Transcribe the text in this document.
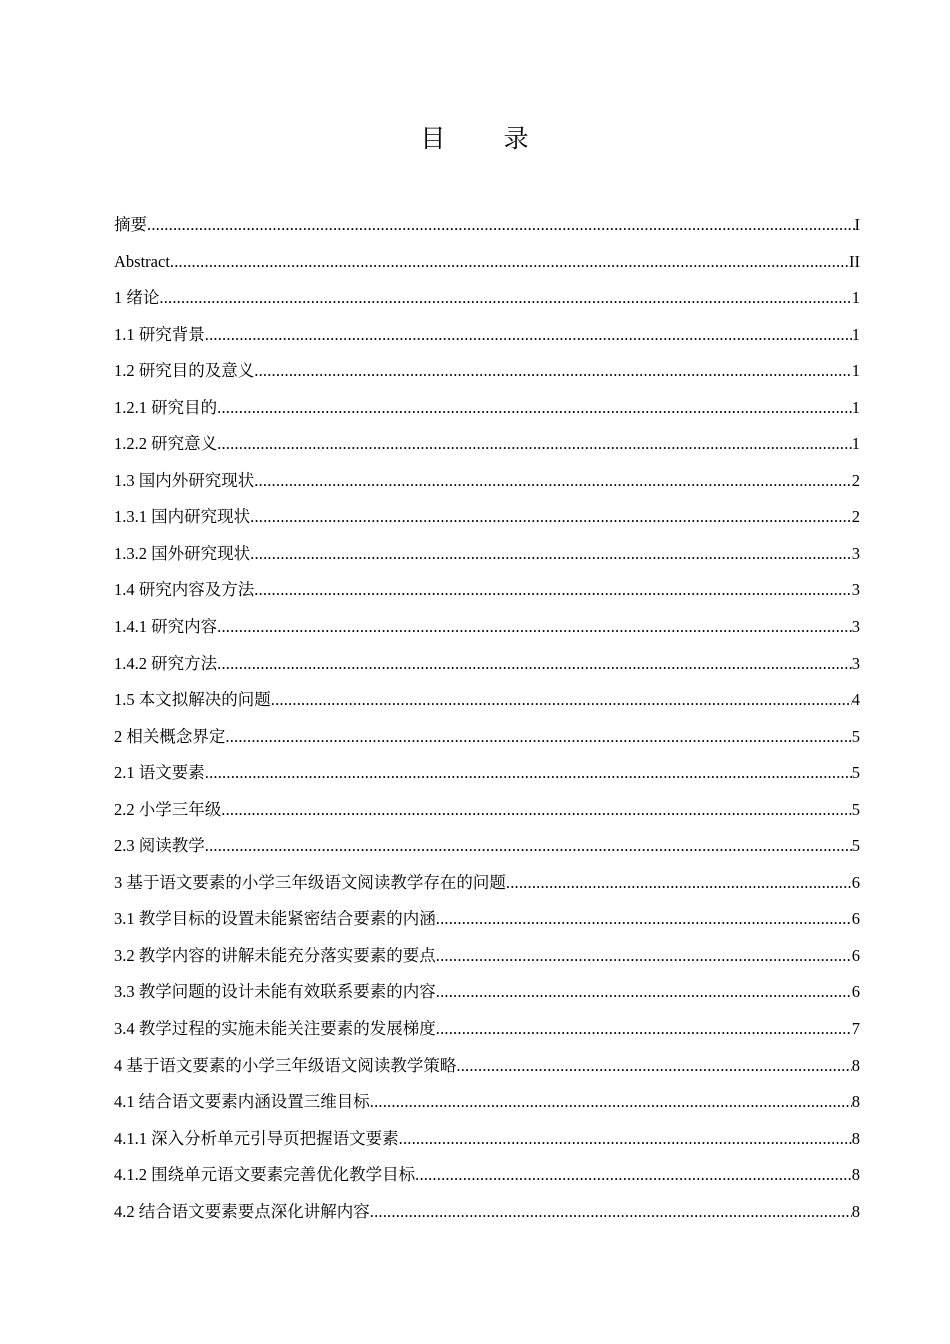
目 录
摘要 .....	I
Abstract .....	II
1 绪论 .....	1
1.1 研究背景 .....	1
1.2 研究目的及意义 .....	1
1.2.1 研究目的 .....	1
1.2.2 研究意义 .....	1
1.3 国内外研究现状 .....	2
1.3.1 国内研究现状 .....	2
1.3.2 国外研究现状 .....	3
1.4 研究内容及方法 .....	3
1.4.1 研究内容 .....	3
1.4.2 研究方法 .....	3
1.5 本文拟解决的问题 .....	4
2 相关概念界定 .....	5
2.1 语文要素 .....	5
2.2 小学三年级 .....	5
2.3 阅读教学 .....	5
3 基于语文要素的小学三年级语文阅读教学存在的问题 .....	6
3.1 教学目标的设置未能紧密结合要素的内涵 .....	6
3.2 教学内容的讲解未能充分落实要素的要点 .....	6
3.3 教学问题的设计未能有效联系要素的内容 .....	6
3.4 教学过程的实施未能关注要素的发展梯度 .....	7
4 基于语文要素的小学三年级语文阅读教学策略 .....	8
4.1 结合语文要素内涵设置三维目标 .....	8
4.1.1 深入分析单元引导页把握语文要素 .....	8
4.1.2 围绕单元语文要素完善优化教学目标 .....	8
4.2 结合语文要素要点深化讲解内容 .....	8
